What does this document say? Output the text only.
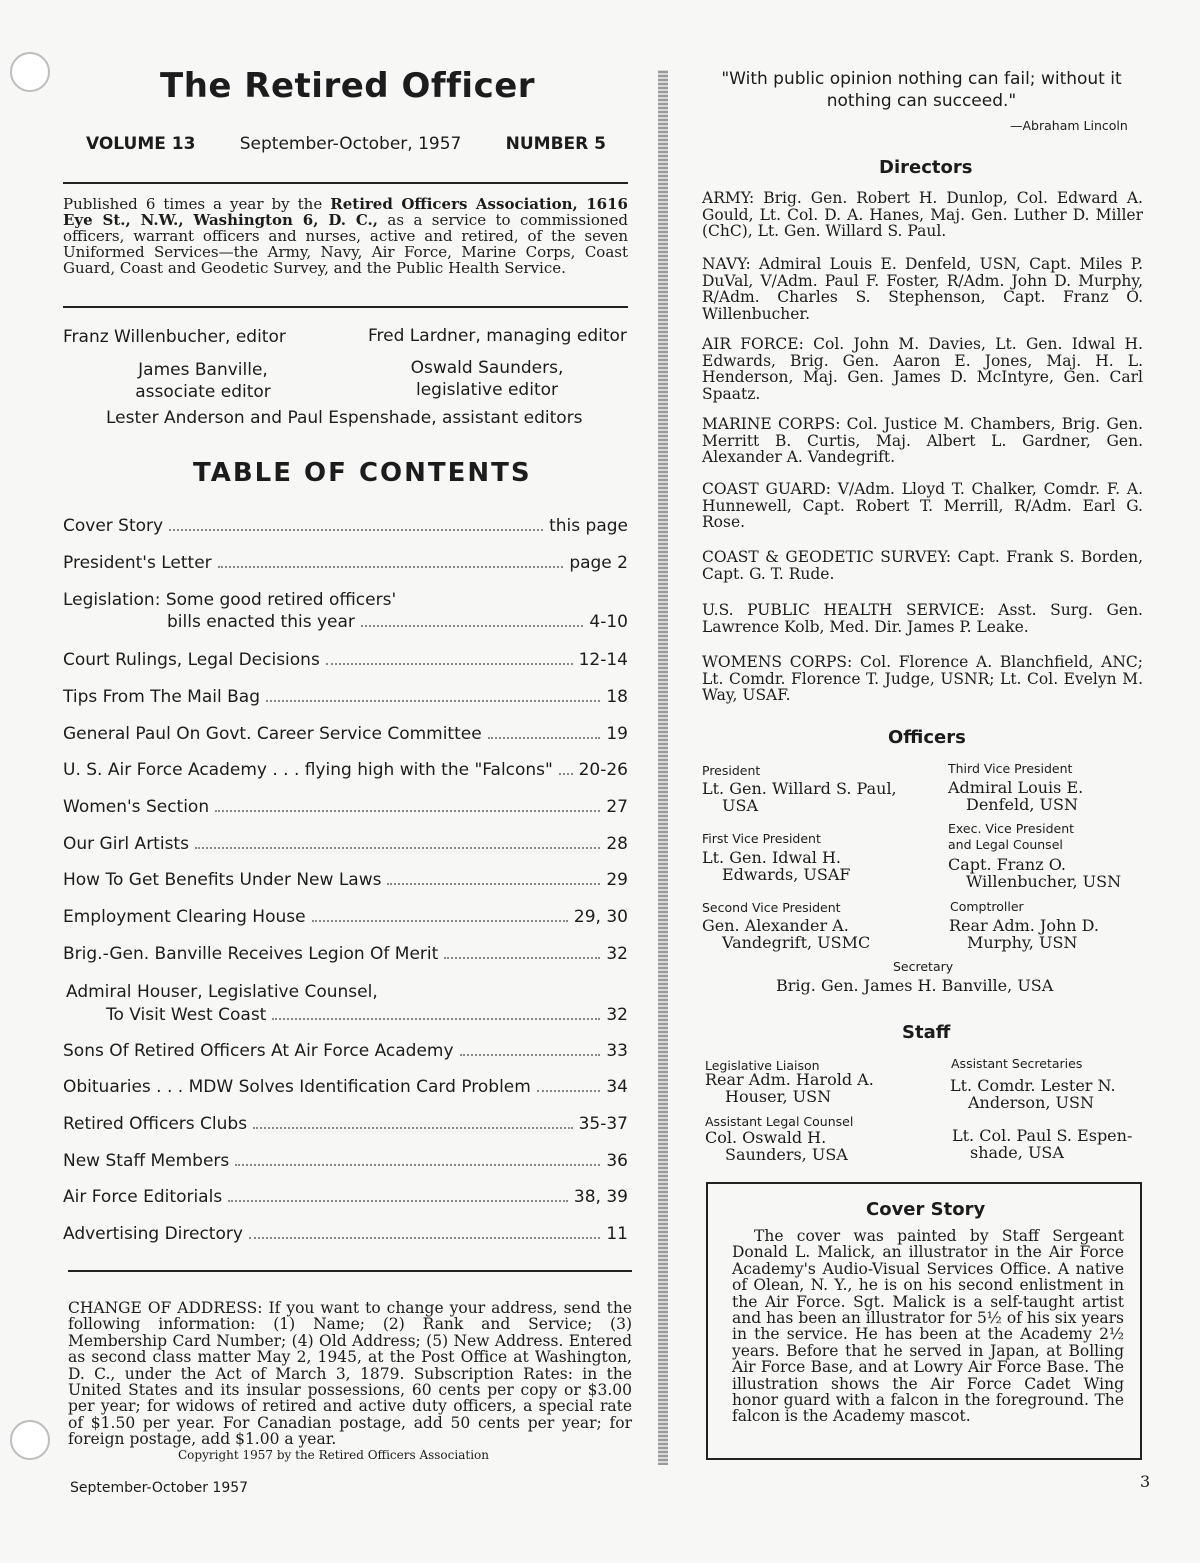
The Retired Officer
VOLUME 13	September-October, 1957	NUMBER 5
Published 6 times a year by the Retired Officers Association, 1616 Eye St., N.W., Washington 6, D. C., as a service to commissioned officers, warrant officers and nurses, active and retired, of the seven Uniformed Services—the Army, Navy, Air Force, Marine Corps, Coast Guard, Coast and Geodetic Survey, and the Public Health Service.
Franz Willenbucher, editor	Fred Lardner, managing editor
James Banville,
associate editor
Oswald Saunders,
legislative editor
Lester Anderson and Paul Espenshade, assistant editors
TABLE OF CONTENTS
Cover Story	this page
President's Letter	page 2
Legislation: Some good retired officers'
bills enacted this year	4-10
Court Rulings, Legal Decisions	12-14
Tips From The Mail Bag	18
General Paul On Govt. Career Service Committee	19
U. S. Air Force Academy . . . flying high with the "Falcons" 20-26
Women's Section	27
Our Girl Artists	28
How To Get Benefits Under New Laws	29
Employment Clearing House	29, 30
Brig.-Gen. Banville Receives Legion Of Merit	32
Admiral Houser, Legislative Counsel,
To Visit West Coast	32
Sons Of Retired Officers At Air Force Academy	33
Obituaries . . . MDW Solves Identification Card Problem	34
Retired Officers Clubs	35-37
New Staff Members	36
Air Force Editorials	38, 39
Advertising Directory	11
CHANGE OF ADDRESS: If you want to change your address, send the following information: (1) Name; (2) Rank and Service; (3) Membership Card Number; (4) Old Address; (5) New Address. Entered as second class matter May 2, 1945, at the Post Office at Washington, D. C., under the Act of March 3, 1879. Subscription Rates: in the United States and its insular possessions, 60 cents per copy or $3.00 per year; for widows of retired and active duty officers, a special rate of $1.50 per year. For Canadian postage, add 50 cents per year; for foreign postage, add $1.00 a year.
Copyright 1957 by the Retired Officers Association
September-October 1957
"With public opinion nothing can fail; without it
nothing can succeed."
—Abraham Lincoln
Directors
ARMY: Brig. Gen. Robert H. Dunlop, Col. Edward A. Gould, Lt. Col. D. A. Hanes, Maj. Gen. Luther D. Miller (ChC), Lt. Gen. Willard S. Paul.
NAVY: Admiral Louis E. Denfeld, USN, Capt. Miles P. DuVal, V/Adm. Paul F. Foster, R/Adm. John D. Murphy, R/Adm. Charles S. Stephenson, Capt. Franz O. Willenbucher.
AIR FORCE: Col. John M. Davies, Lt. Gen. Idwal H. Edwards, Brig. Gen. Aaron E. Jones, Maj. H. L. Henderson, Maj. Gen. James D. McIntyre, Gen. Carl Spaatz.
MARINE CORPS: Col. Justice M. Chambers, Brig. Gen. Merritt B. Curtis, Maj. Albert L. Gardner, Gen. Alexander A. Vandegrift.
COAST GUARD: V/Adm. Lloyd T. Chalker, Comdr. F. A. Hunnewell, Capt. Robert T. Merrill, R/Adm. Earl G. Rose.
COAST & GEODETIC SURVEY: Capt. Frank S. Borden, Capt. G. T. Rude.
U.S. PUBLIC HEALTH SERVICE: Asst. Surg. Gen. Lawrence Kolb, Med. Dir. James P. Leake.
WOMENS CORPS: Col. Florence A. Blanchfield, ANC; Lt. Comdr. Florence T. Judge, USNR; Lt. Col. Evelyn M. Way, USAF.
Officers
President
Lt. Gen. Willard S. Paul,
USA
Third Vice President
Admiral Louis E.
Denfeld, USN
First Vice President
Lt. Gen. Idwal H.
Edwards, USAF
Exec. Vice President
and Legal Counsel
Capt. Franz O.
Willenbucher, USN
Second Vice President
Gen. Alexander A.
Vandegrift, USMC
Comptroller
Rear Adm. John D.
Murphy, USN
Secretary
Brig. Gen. James H. Banville, USA
Staff
Legislative Liaison
Rear Adm. Harold A.
Houser, USN
Assistant Secretaries
Lt. Comdr. Lester N.
Anderson, USN
Assistant Legal Counsel
Col. Oswald H.
Saunders, USA
Lt. Col. Paul S. Espen-
shade, USA
Cover Story
The cover was painted by Staff Sergeant Donald L. Malick, an illustrator in the Air Force Academy's Audio-Visual Services Office. A native of Olean, N. Y., he is on his second enlistment in the Air Force. Sgt. Malick is a self-taught artist and has been an illustrator for 5½ of his six years in the service. He has been at the Academy 2½ years. Before that he served in Japan, at Bolling Air Force Base, and at Lowry Air Force Base. The illustration shows the Air Force Cadet Wing honor guard with a falcon in the foreground. The falcon is the Academy mascot.
3
